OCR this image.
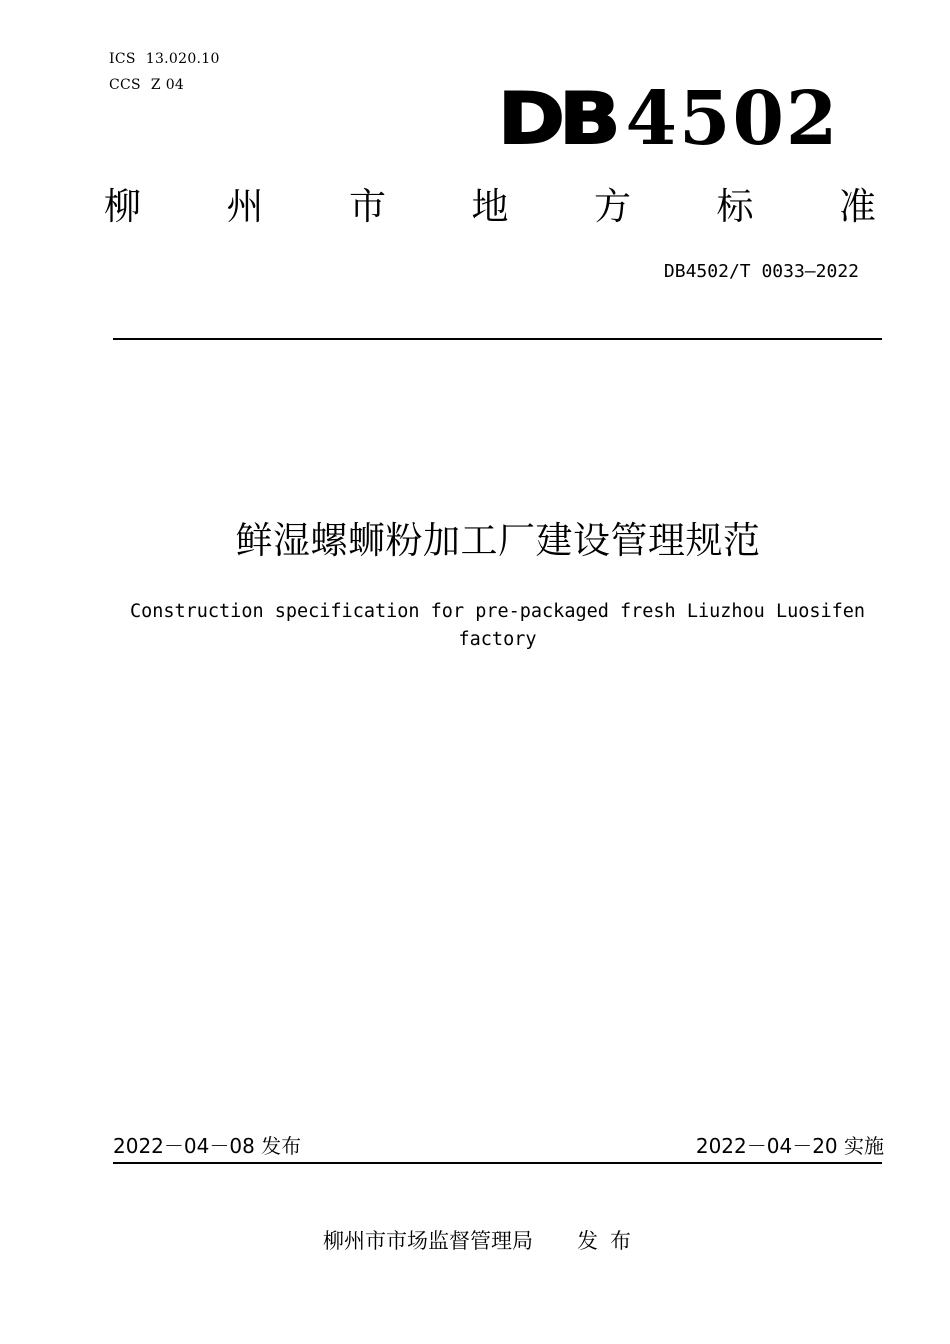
ICS 13.020.10
CCS Z 04	DB 4502
柳 州 市 地 方 标 准
DB4502/T 0033—2022
鲜湿螺蛳粉加工厂建设管理规范
Construction specification for pre-packaged fresh Liuzhou Luosifen
factory
2022－04－08 发布	2022－04－20 实施
柳州市市场监督管理局 发布
